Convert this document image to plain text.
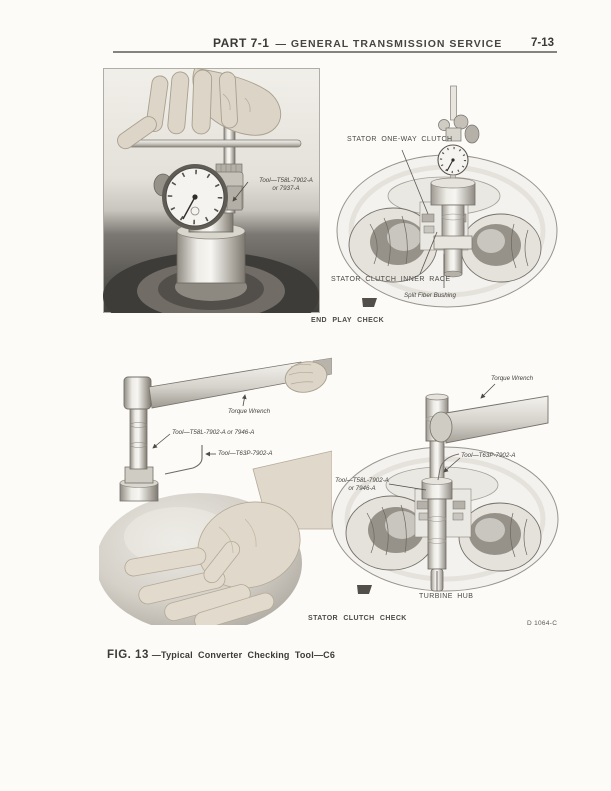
PART 7-1 — GENERAL TRANSMISSION SERVICE 7-13
Tool—T58L-7902-A
or 7937-A
STATOR ONE-WAY CLUTCH
STATOR CLUTCH INNER RACE
Split Fiber Bushing
END PLAY CHECK
Torque Wrench
Tool—T58L-7902-A or 7946-A
Tool—T63P-7902-A
Torque Wrench
Tool—T63P-7902-A
Tool—T58L-7902-A
or 7946-A
TURBINE HUB
STATOR CLUTCH CHECK
D 1064-C
FIG. 13 —Typical Converter Checking Tool—C6
